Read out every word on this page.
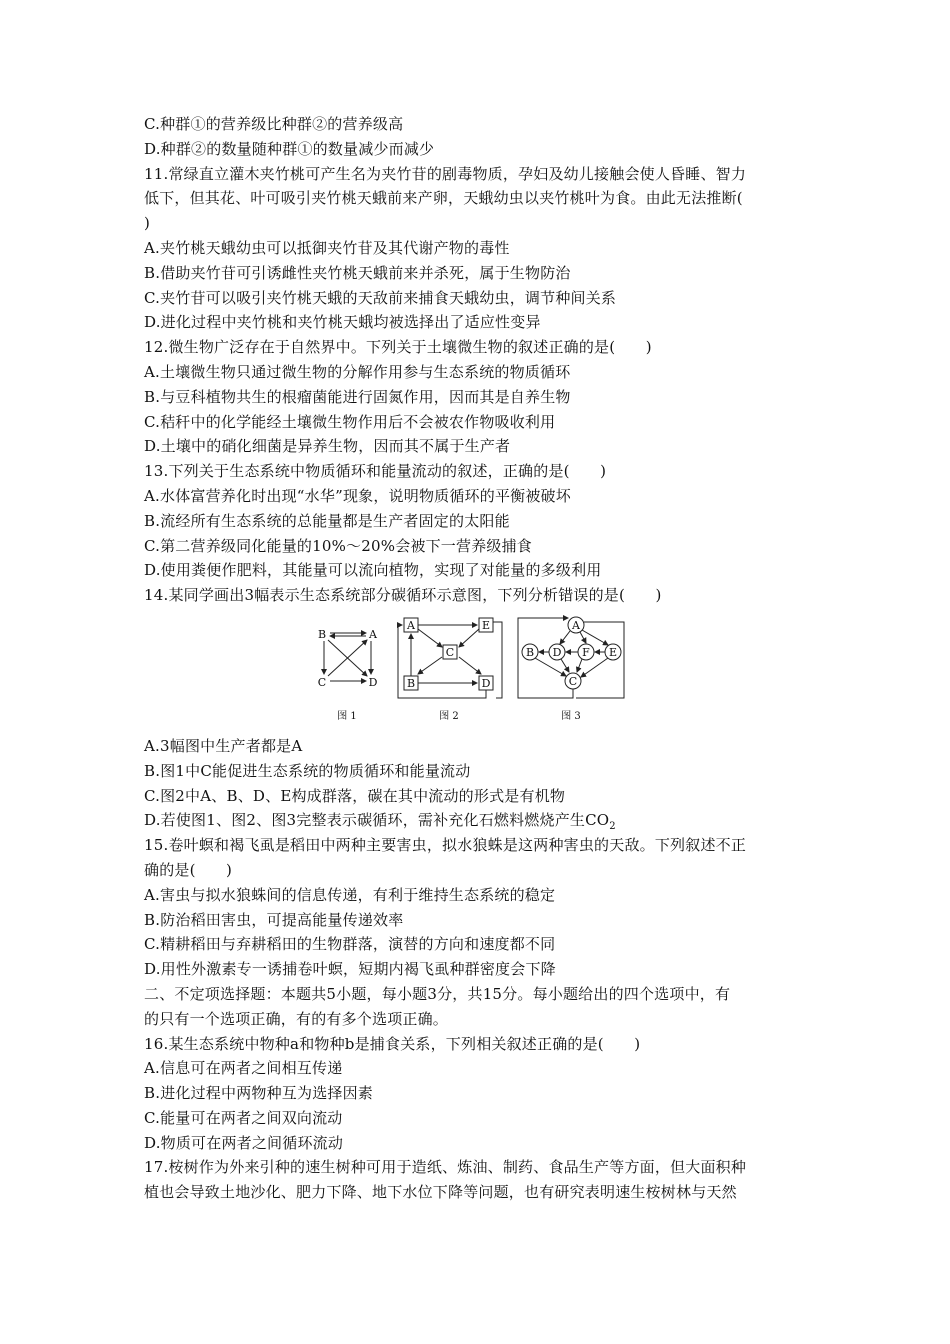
C.种群①的营养级比种群②的营养级高
D.种群②的数量随种群①的数量减少而减少
11.常绿直立灌木夹竹桃可产生名为夹竹苷的剧毒物质，孕妇及幼儿接触会使人昏睡、智力
低下，但其花、叶可吸引夹竹桃天蛾前来产卵，天蛾幼虫以夹竹桃叶为食。由此无法推断(
)
A.夹竹桃天蛾幼虫可以抵御夹竹苷及其代谢产物的毒性
B.借助夹竹苷可引诱雌性夹竹桃天蛾前来并杀死，属于生物防治
C.夹竹苷可以吸引夹竹桃天蛾的天敌前来捕食天蛾幼虫，调节种间关系
D.进化过程中夹竹桃和夹竹桃天蛾均被选择出了适应性变异
12.微生物广泛存在于自然界中。下列关于土壤微生物的叙述正确的是(　　)
A.土壤微生物只通过微生物的分解作用参与生态系统的物质循环
B.与豆科植物共生的根瘤菌能进行固氮作用，因而其是自养生物
C.秸秆中的化学能经土壤微生物作用后不会被农作物吸收利用
D.土壤中的硝化细菌是异养生物，因而其不属于生产者
13.下列关于生态系统中物质循环和能量流动的叙述，正确的是(　　)
A.水体富营养化时出现“水华”现象，说明物质循环的平衡被破坏
B.流经所有生态系统的总能量都是生产者固定的太阳能
C.第二营养级同化能量的10%～20%会被下一营养级捕食
D.使用粪便作肥料，其能量可以流向植物，实现了对能量的多级利用
14.某同学画出3幅表示生态系统部分碳循环示意图，下列分析错误的是(　　)
B	A
C	D
A	E
C
B	D
A
B D F E
C
图 1	图 2	图 3
A.3幅图中生产者都是A
B.图1中C能促进生态系统的物质循环和能量流动
C.图2中A、B、D、E构成群落，碳在其中流动的形式是有机物
D.若使图1、图2、图3完整表示碳循环，需补充化石燃料燃烧产生$CO_2$
15.卷叶螟和褐飞虱是稻田中两种主要害虫，拟水狼蛛是这两种害虫的天敌。下列叙述不正
确的是(　　)
A.害虫与拟水狼蛛间的信息传递，有利于维持生态系统的稳定
B.防治稻田害虫，可提高能量传递效率
C.精耕稻田与弃耕稻田的生物群落，演替的方向和速度都不同
D.用性外激素专一诱捕卷叶螟，短期内褐飞虱种群密度会下降
二、不定项选择题：本题共5小题，每小题3分，共15分。每小题给出的四个选项中，有
的只有一个选项正确，有的有多个选项正确。
16.某生态系统中物种a和物种b是捕食关系，下列相关叙述正确的是(　　)
A.信息可在两者之间相互传递
B.进化过程中两物种互为选择因素
C.能量可在两者之间双向流动
D.物质可在两者之间循环流动
17.桉树作为外来引种的速生树种可用于造纸、炼油、制药、食品生产等方面，但大面积种
植也会导致土地沙化、肥力下降、地下水位下降等问题，也有研究表明速生桉树林与天然
